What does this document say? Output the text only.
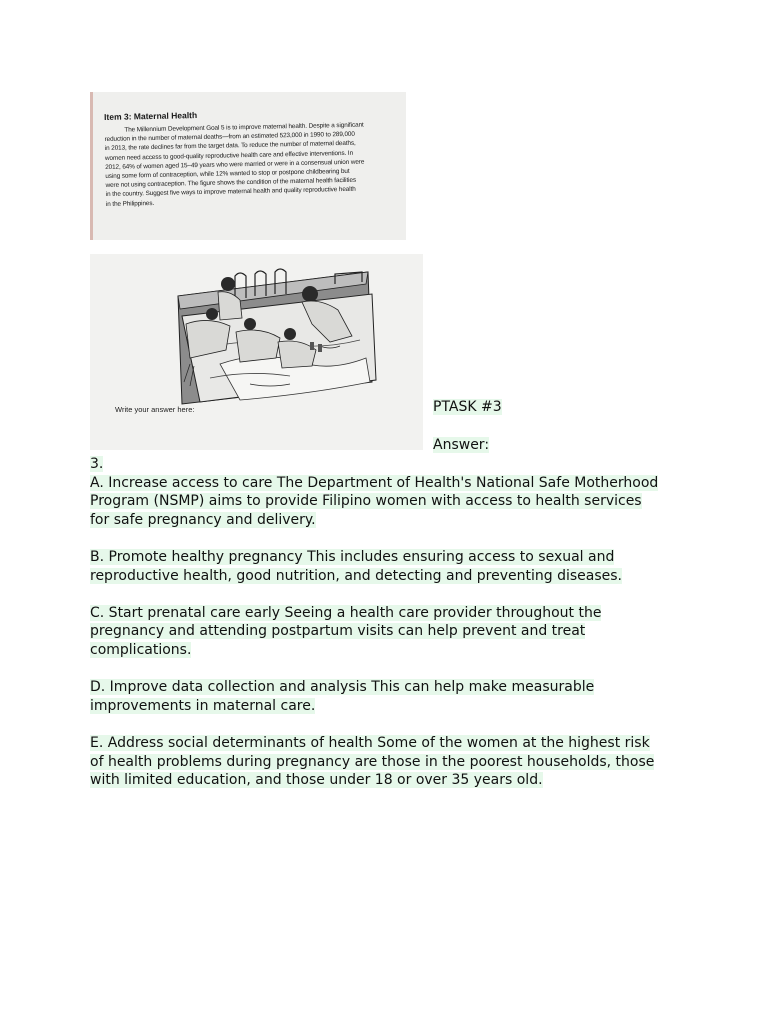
Item 3: Maternal Health
The Millennium Development Goal 5 is to improve maternal health. Despite a significant
reduction in the number of maternal deaths—from an estimated 523,000 in 1990 to 289,000
in 2013, the rate declines far from the target data. To reduce the number of maternal deaths,
women need access to good-quality reproductive health care and effective interventions. In
2012, 64% of women aged 15–49 years who were married or were in a consensual union were
using some form of contraception, while 12% wanted to stop or postpone childbearing but
were not using contraception. The figure shows the condition of the maternal health facilities
in the country. Suggest five ways to improve maternal health and quality reproductive health
in the Philippines.
Write your answer here:	PTASK #3
Answer:
3.
A. Increase access to care The Department of Health's National Safe Motherhood
Program (NSMP) aims to provide Filipino women with access to health services
for safe pregnancy and delivery.
B. Promote healthy pregnancy This includes ensuring access to sexual and
reproductive health, good nutrition, and detecting and preventing diseases.
C. Start prenatal care early Seeing a health care provider throughout the
pregnancy and attending postpartum visits can help prevent and treat
complications.
D. Improve data collection and analysis This can help make measurable
improvements in maternal care.
E. Address social determinants of health Some of the women at the highest risk
of health problems during pregnancy are those in the poorest households, those
with limited education, and those under 18 or over 35 years old.
